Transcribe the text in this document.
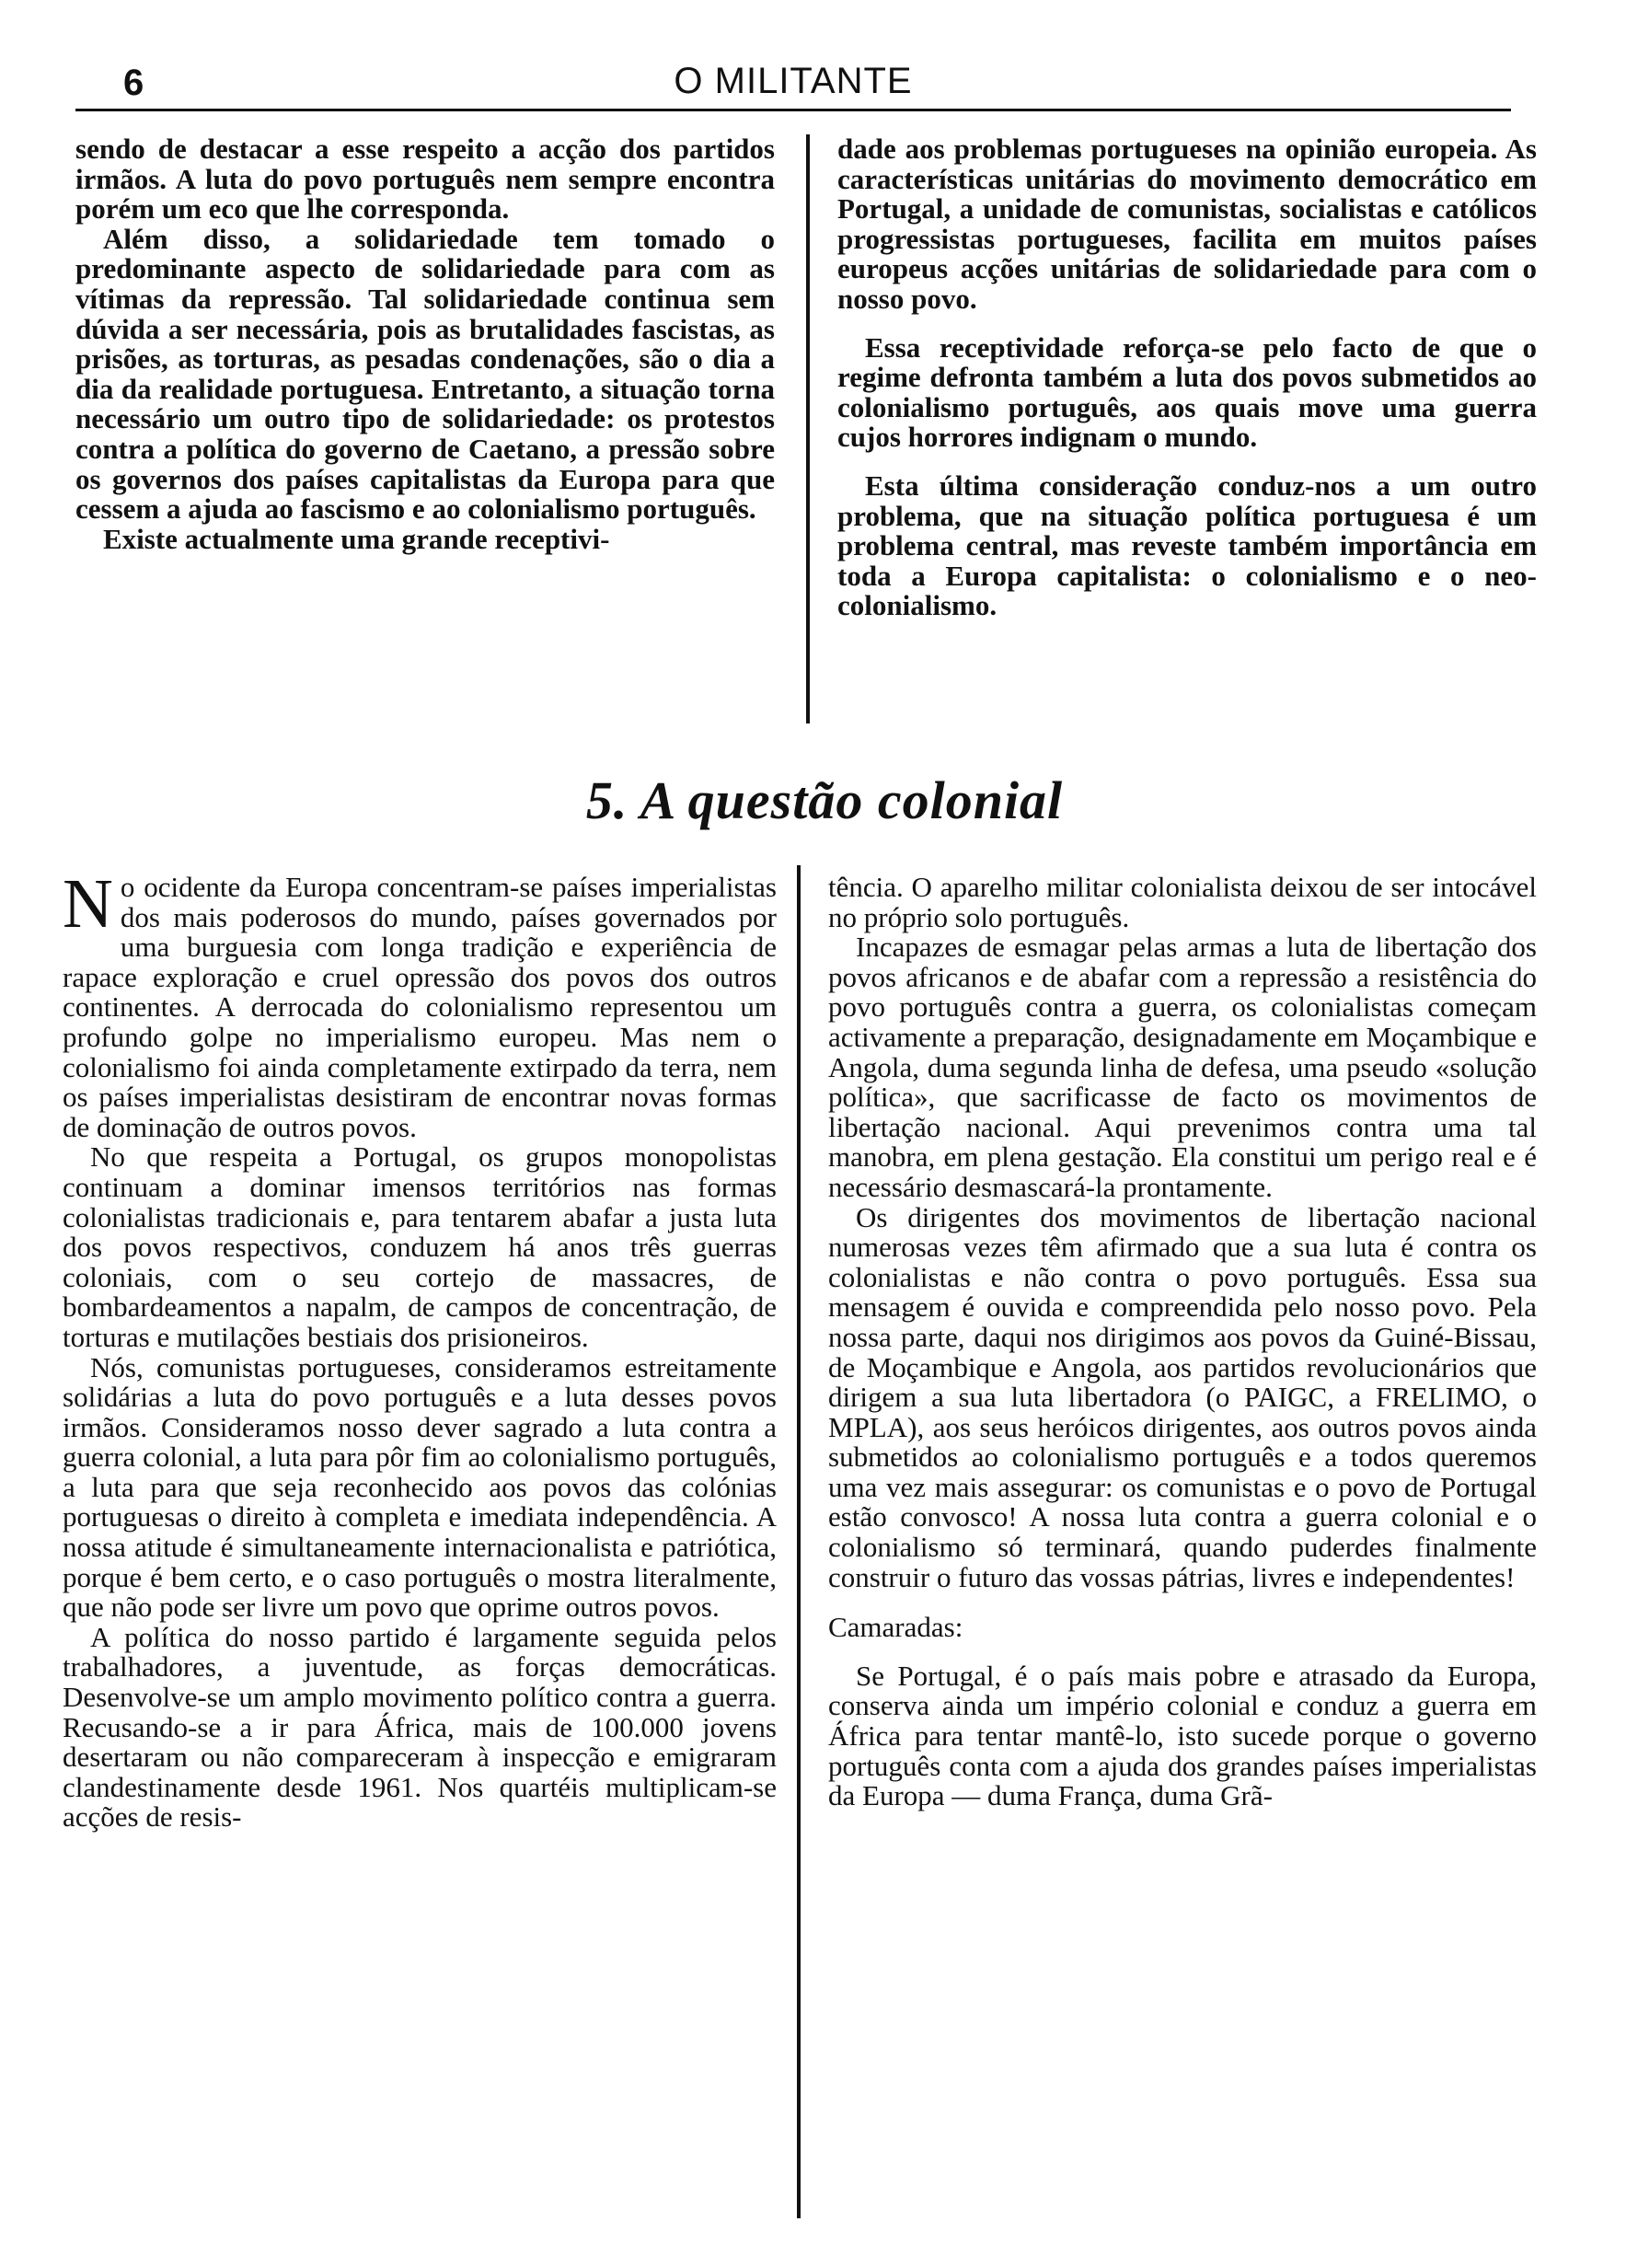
6	O MILITANTE

sendo de destacar a esse respeito a acção dos partidos irmãos. A luta do povo português nem sempre encontra porém um eco que lhe corresponda.

Além disso, a solidariedade tem tomado o predominante aspecto de solidariedade para com as vítimas da repressão. Tal solidariedade continua sem dúvida a ser necessária, pois as brutalidades fascistas, as prisões, as torturas, as pesadas condenações, são o dia a dia da realidade portuguesa. Entretanto, a situação torna necessário um outro tipo de solidariedade: os protestos contra a política do governo de Caetano, a pressão sobre os governos dos países capitalistas da Europa para que cessem a ajuda ao fascismo e ao colonialismo português.

Existe actualmente uma grande receptivi-

dade aos problemas portugueses na opinião europeia. As características unitárias do movimento democrático em Portugal, a unidade de comunistas, socialistas e católicos progressistas portugueses, facilita em muitos países europeus acções unitárias de solidariedade para com o nosso povo.

Essa receptividade reforça-se pelo facto de que o regime defronta também a luta dos povos submetidos ao colonialismo português, aos quais move uma guerra cujos horrores indignam o mundo.

Esta última consideração conduz-nos a um outro problema, que na situação política portuguesa é um problema central, mas reveste também importância em toda a Europa capitalista: o colonialismo e o neo-colonialismo.

5. A questão colonial

N o ocidente da Europa concentram-se países imperialistas dos mais poderosos do mundo, países governados por uma burguesia com longa tradição e experiência de rapace exploração e cruel opressão dos povos dos outros continentes. A derrocada do colonialismo representou um profundo golpe no imperialismo europeu. Mas nem o colonialismo foi ainda completamente extirpado da terra, nem os países imperialistas desistiram de encontrar novas formas de dominação de outros povos.

No que respeita a Portugal, os grupos monopolistas continuam a dominar imensos territórios nas formas colonialistas tradicionais e, para tentarem abafar a justa luta dos povos respectivos, conduzem há anos três guerras coloniais, com o seu cortejo de massacres, de bombardeamentos a napalm, de campos de concentração, de torturas e mutilações bestiais dos prisioneiros.

Nós, comunistas portugueses, consideramos estreitamente solidárias a luta do povo português e a luta desses povos irmãos. Consideramos nosso dever sagrado a luta contra a guerra colonial, a luta para pôr fim ao colonialismo português, a luta para que seja reconhecido aos povos das colónias portuguesas o direito à completa e imediata independência. A nossa atitude é simultaneamente internacionalista e patriótica, porque é bem certo, e o caso português o mostra literalmente, que não pode ser livre um povo que oprime outros povos.

A política do nosso partido é largamente seguida pelos trabalhadores, a juventude, as forças democráticas. Desenvolve-se um amplo movimento político contra a guerra. Recusando-se a ir para África, mais de 100.000 jovens desertaram ou não compareceram à inspecção e emigraram clandestinamente desde 1961. Nos quartéis multiplicam-se acções de resis-

tência. O aparelho militar colonialista deixou de ser intocável no próprio solo português.

Incapazes de esmagar pelas armas a luta de libertação dos povos africanos e de abafar com a repressão a resistência do povo português contra a guerra, os colonialistas começam activamente a preparação, designadamente em Moçambique e Angola, duma segunda linha de defesa, uma pseudo «solução política», que sacrificasse de facto os movimentos de libertação nacional. Aqui prevenimos contra uma tal manobra, em plena gestação. Ela constitui um perigo real e é necessário desmascará-la prontamente.

Os dirigentes dos movimentos de libertação nacional numerosas vezes têm afirmado que a sua luta é contra os colonialistas e não contra o povo português. Essa sua mensagem é ouvida e compreendida pelo nosso povo. Pela nossa parte, daqui nos dirigimos aos povos da Guiné-Bissau, de Moçambique e Angola, aos partidos revolucionários que dirigem a sua luta libertadora (o PAIGC, a FRELIMO, o MPLA), aos seus heróicos dirigentes, aos outros povos ainda submetidos ao colonialismo português e a todos queremos uma vez mais assegurar: os comunistas e o povo de Portugal estão convosco! A nossa luta contra a guerra colonial e o colonialismo só terminará, quando puderdes finalmente construir o futuro das vossas pátrias, livres e independentes!

Camaradas:

Se Portugal, é o país mais pobre e atrasado da Europa, conserva ainda um império colonial e conduz a guerra em África para tentar mantê-lo, isto sucede porque o governo português conta com a ajuda dos grandes países imperialistas da Europa — duma França, duma Grã-
